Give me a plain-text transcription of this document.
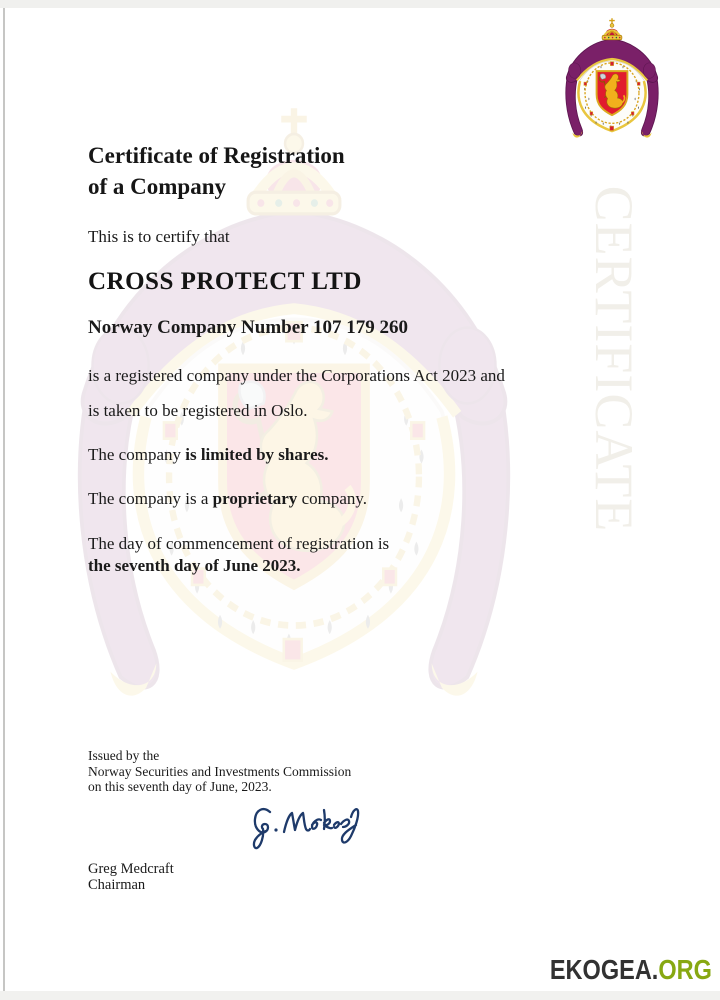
CERTIFICATE
Certificate of Registration
of a Company
This is to certify that
CROSS PROTECT LTD
Norway Company Number 107 179 260
is a registered company under the Corporations Act 2023 and
is taken to be registered in Oslo.
The company is limited by shares.
The company is a proprietary company.
The day of commencement of registration is
the seventh day of June 2023.
Issued by the
Norway Securities and Investments Commission
on this seventh day of June, 2023.
Greg Medcraft
Chairman
EKOGEA.ORG
